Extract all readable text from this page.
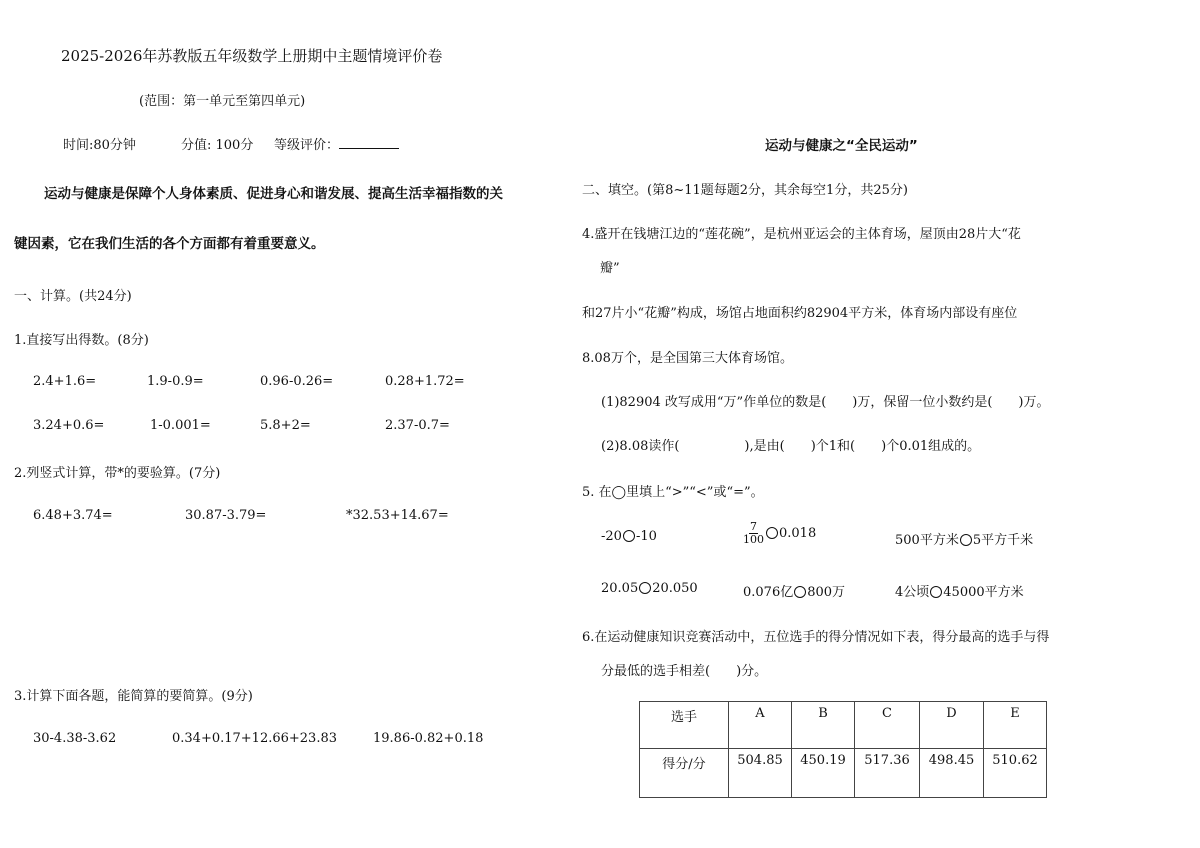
2025-2026年苏教版五年级数学上册期中主题情境评价卷
(范围：第一单元至第四单元)
时间:80分钟	分值: 100分 等级评价：
运动与健康是保障个人身体素质、促进身心和谐发展、提高生活幸福指数的关
键因素，它在我们生活的各个方面都有着重要意义。
一、计算。(共24分)
1.直接写出得数。(8分)
2.4+1.6=	1.9-0.9=	0.96-0.26=	0.28+1.72=
3.24+0.6=	1-0.001=	5.8+2=	2.37-0.7=
2.列竖式计算，带*的要验算。(7分)
6.48+3.74=	30.87-3.79=	*32.53+14.67=
3.计算下面各题，能简算的要简算。(9分)
30-4.38-3.62	0.34+0.17+12.66+23.83	19.86-0.82+0.18
运动与健康之“全民运动”
二、填空。(第8~11题每题2分，其余每空1分，共25分)
4.盛开在钱塘江边的“莲花碗”，是杭州亚运会的主体育场，屋顶由28片大“花
瓣”
和27片小“花瓣”构成，场馆占地面积约82904平方米，体育场内部设有座位
8.08万个，是全国第三大体育场馆。
(1)82904 改写成用“万”作单位的数是(　　)万，保留一位小数约是(　　)万。
(2)8.08读作(　　　　　),是由(　　)个1和(　　)个0.01组成的。
5. 在◯里填上“>”“<”或“=”。
-20 -10	$\frac{7}{100} 0.018$	500平方米 5平方千米
20.05 20.050	0.076亿 800万	4公顷 45000平方米
6.在运动健康知识竞赛活动中，五位选手的得分情况如下表，得分最高的选手与得
分最低的选手相差(　　)分。
选手	A	B	C	D	E
得分/分	504.85	450.19	517.36	498.45	510.62
